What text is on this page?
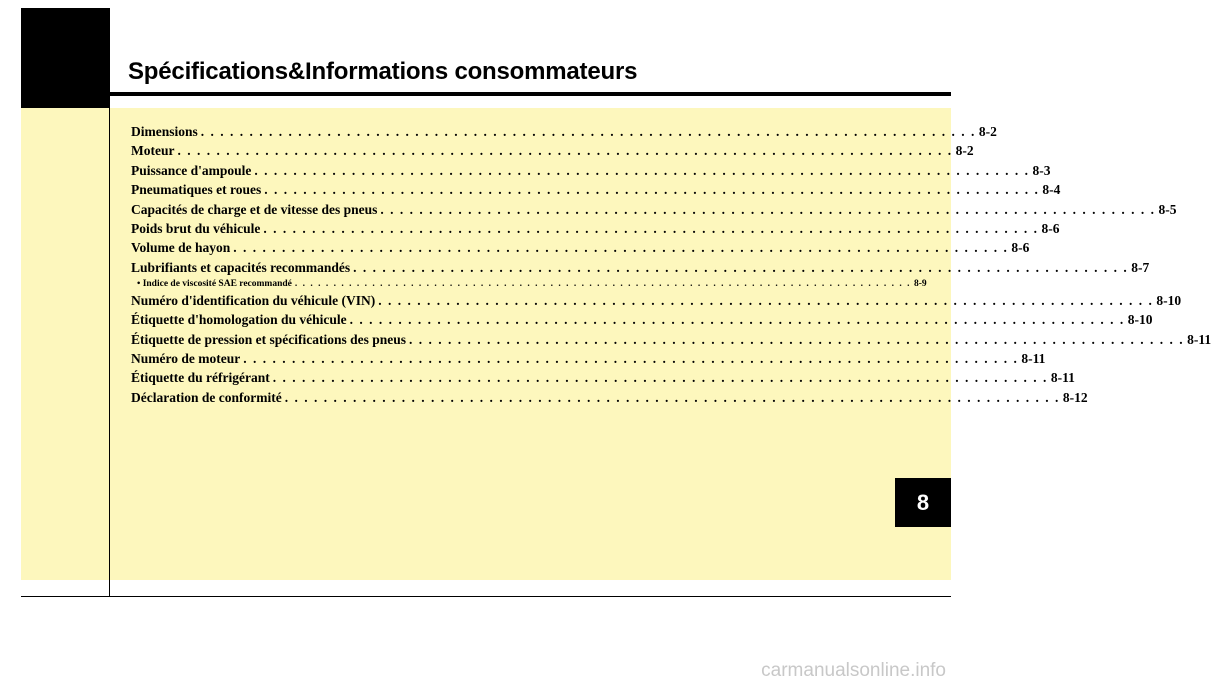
Spécifications&Informations consommateurs
Dimensions . . . . . . . . . . . . . . . . . . . . . . . . . . . . . . . . . . . . . . . . . . . . . . . . . . . . . . . . . . . . . . . . . . . . . . . . . . . . . . . . 8-2
Moteur . . . . . . . . . . . . . . . . . . . . . . . . . . . . . . . . . . . . . . . . . . . . . . . . . . . . . . . . . . . . . . . . . . . . . . . . . . . . . . . . 8-2
Puissance d'ampoule . . . . . . . . . . . . . . . . . . . . . . . . . . . . . . . . . . . . . . . . . . . . . . . . . . . . . . . . . . . . . . . . . . . . . . . . . . . . . . . . 8-3
Pneumatiques et roues . . . . . . . . . . . . . . . . . . . . . . . . . . . . . . . . . . . . . . . . . . . . . . . . . . . . . . . . . . . . . . . . . . . . . . . . . . . . . . . . 8-4
Capacités de charge et de vitesse des pneus . . . . . . . . . . . . . . . . . . . . . . . . . . . . . . . . . . . . . . . . . . . . . . . . . . . . . . . . . . . . . . . . . . . . . . . . . . . . . . . . 8-5
Poids brut du véhicule . . . . . . . . . . . . . . . . . . . . . . . . . . . . . . . . . . . . . . . . . . . . . . . . . . . . . . . . . . . . . . . . . . . . . . . . . . . . . . . . 8-6
Volume de hayon . . . . . . . . . . . . . . . . . . . . . . . . . . . . . . . . . . . . . . . . . . . . . . . . . . . . . . . . . . . . . . . . . . . . . . . . . . . . . . . . 8-6
Lubrifiants et capacités recommandés . . . . . . . . . . . . . . . . . . . . . . . . . . . . . . . . . . . . . . . . . . . . . . . . . . . . . . . . . . . . . . . . . . . . . . . . . . . . . . . . 8-7
• Indice de viscosité SAE recommandé . . . . . . . . . . . . . . . . . . . . . . . . . . . . . . . . . . . . . . . . . . . . . . . . . . . . . . . . . . . . . . . . . . . . . . . . . . . . . . . . 8-9
Numéro d'identification du véhicule (VIN) . . . . . . . . . . . . . . . . . . . . . . . . . . . . . . . . . . . . . . . . . . . . . . . . . . . . . . . . . . . . . . . . . . . . . . . . . . . . . . . . 8-10
Étiquette d'homologation du véhicule . . . . . . . . . . . . . . . . . . . . . . . . . . . . . . . . . . . . . . . . . . . . . . . . . . . . . . . . . . . . . . . . . . . . . . . . . . . . . . . . 8-10
Étiquette de pression et spécifications des pneus . . . . . . . . . . . . . . . . . . . . . . . . . . . . . . . . . . . . . . . . . . . . . . . . . . . . . . . . . . . . . . . . . . . . . . . . . . . . . . . . 8-11
Numéro de moteur . . . . . . . . . . . . . . . . . . . . . . . . . . . . . . . . . . . . . . . . . . . . . . . . . . . . . . . . . . . . . . . . . . . . . . . . . . . . . . . . 8-11
Étiquette du réfrigérant . . . . . . . . . . . . . . . . . . . . . . . . . . . . . . . . . . . . . . . . . . . . . . . . . . . . . . . . . . . . . . . . . . . . . . . . . . . . . . . . 8-11
Déclaration de conformité . . . . . . . . . . . . . . . . . . . . . . . . . . . . . . . . . . . . . . . . . . . . . . . . . . . . . . . . . . . . . . . . . . . . . . . . . . . . . . . . 8-12
8
carmanualsonline.info
